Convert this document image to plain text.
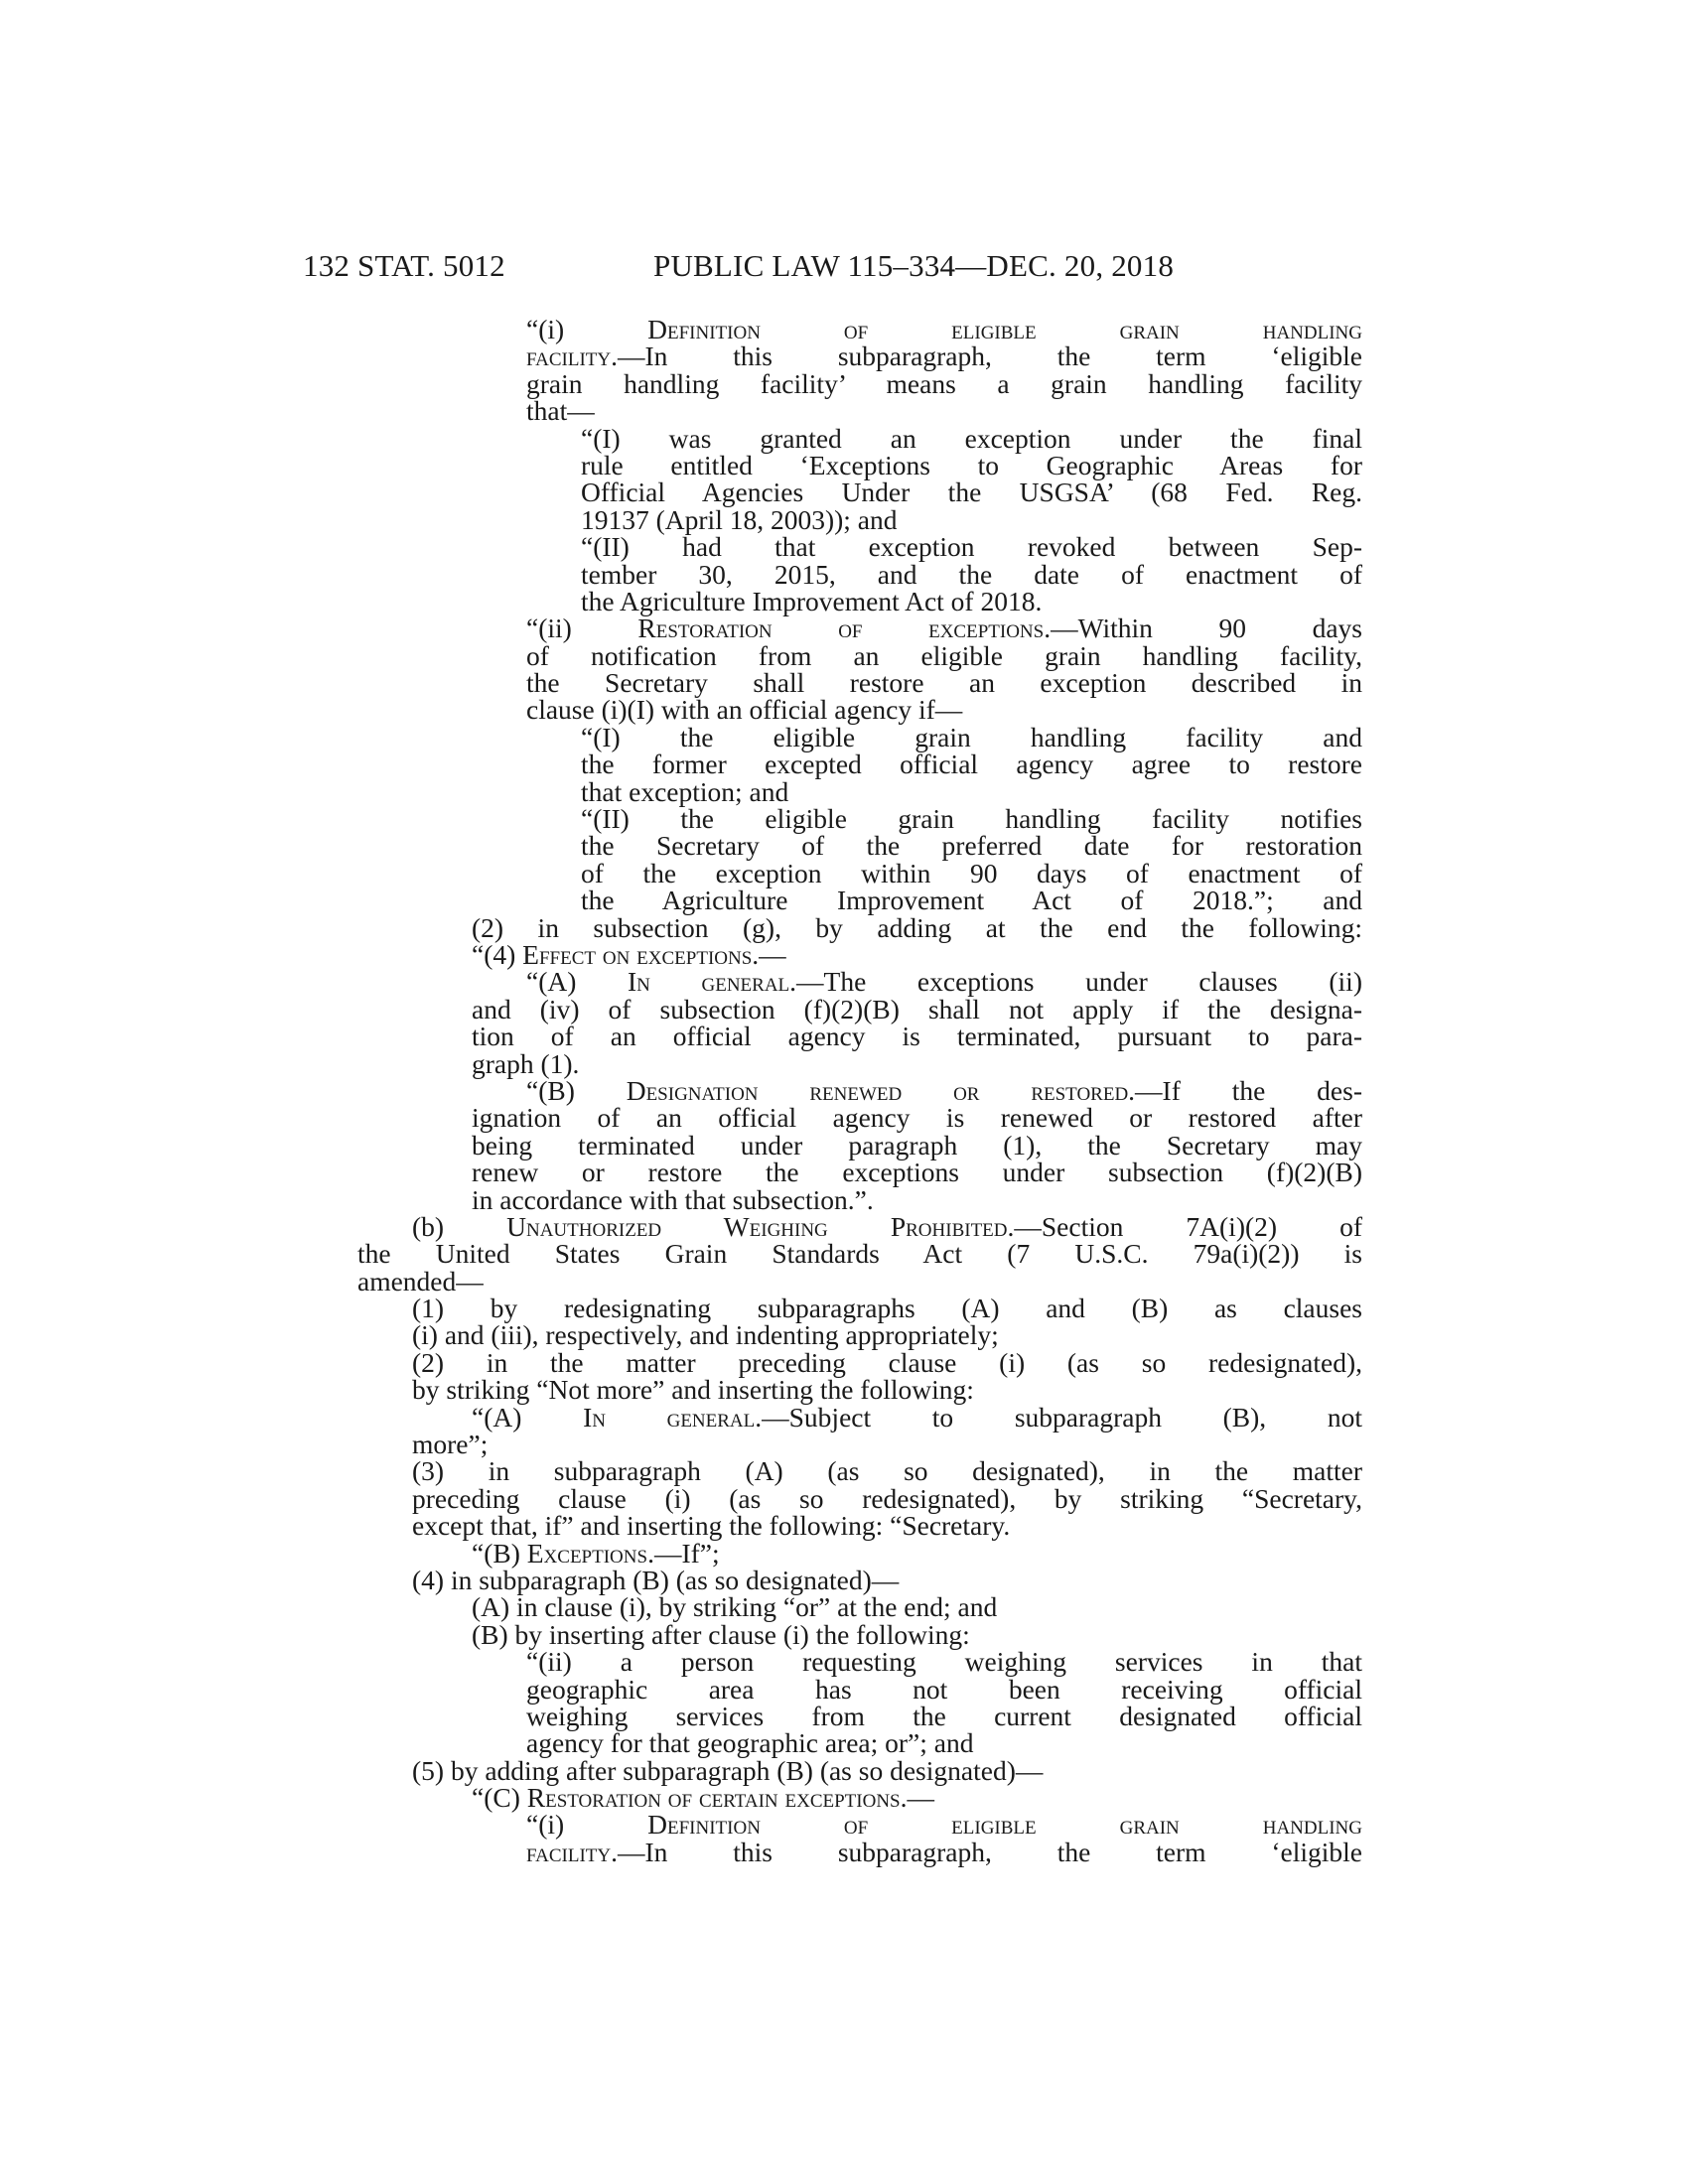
132 STAT. 5012	PUBLIC LAW 115–334—DEC. 20, 2018
“(i) Definition of eligible grain handling
facility.—In this subparagraph, the term ‘eligible
grain handling facility’ means a grain handling facility
that—
“(I) was granted an exception under the final
rule entitled ‘Exceptions to Geographic Areas for
Official Agencies Under the USGSA’ (68 Fed. Reg.
19137 (April 18, 2003)); and
“(II) had that exception revoked between Sep-
tember 30, 2015, and the date of enactment of
the Agriculture Improvement Act of 2018.
“(ii) Restoration of exceptions.—Within 90 days
of notification from an eligible grain handling facility,
the Secretary shall restore an exception described in
clause (i)(I) with an official agency if—
“(I) the eligible grain handling facility and
the former excepted official agency agree to restore
that exception; and
“(II) the eligible grain handling facility notifies
the Secretary of the preferred date for restoration
of the exception within 90 days of enactment of
the Agriculture Improvement Act of 2018.”; and
(2) in subsection (g), by adding at the end the following:
“(4) Effect on exceptions.—
“(A) In general.—The exceptions under clauses (ii)
and (iv) of subsection (f)(2)(B) shall not apply if the designa-
tion of an official agency is terminated, pursuant to para-
graph (1).
“(B) Designation renewed or restored.—If the des-
ignation of an official agency is renewed or restored after
being terminated under paragraph (1), the Secretary may
renew or restore the exceptions under subsection (f)(2)(B)
in accordance with that subsection.”.
(b) Unauthorized Weighing Prohibited.—Section 7A(i)(2) of
the United States Grain Standards Act (7 U.S.C. 79a(i)(2)) is
amended—
(1) by redesignating subparagraphs (A) and (B) as clauses
(i) and (iii), respectively, and indenting appropriately;
(2) in the matter preceding clause (i) (as so redesignated),
by striking “Not more” and inserting the following:
“(A) In general.—Subject to subparagraph (B), not
more”;
(3) in subparagraph (A) (as so designated), in the matter
preceding clause (i) (as so redesignated), by striking “Secretary,
except that, if” and inserting the following: “Secretary.
“(B) Exceptions.—If”;
(4) in subparagraph (B) (as so designated)—
(A) in clause (i), by striking “or” at the end; and
(B) by inserting after clause (i) the following:
“(ii) a person requesting weighing services in that
geographic area has not been receiving official
weighing services from the current designated official
agency for that geographic area; or”; and
(5) by adding after subparagraph (B) (as so designated)—
“(C) Restoration of certain exceptions.—
“(i) Definition of eligible grain handling
facility.—In this subparagraph, the term ‘eligible
